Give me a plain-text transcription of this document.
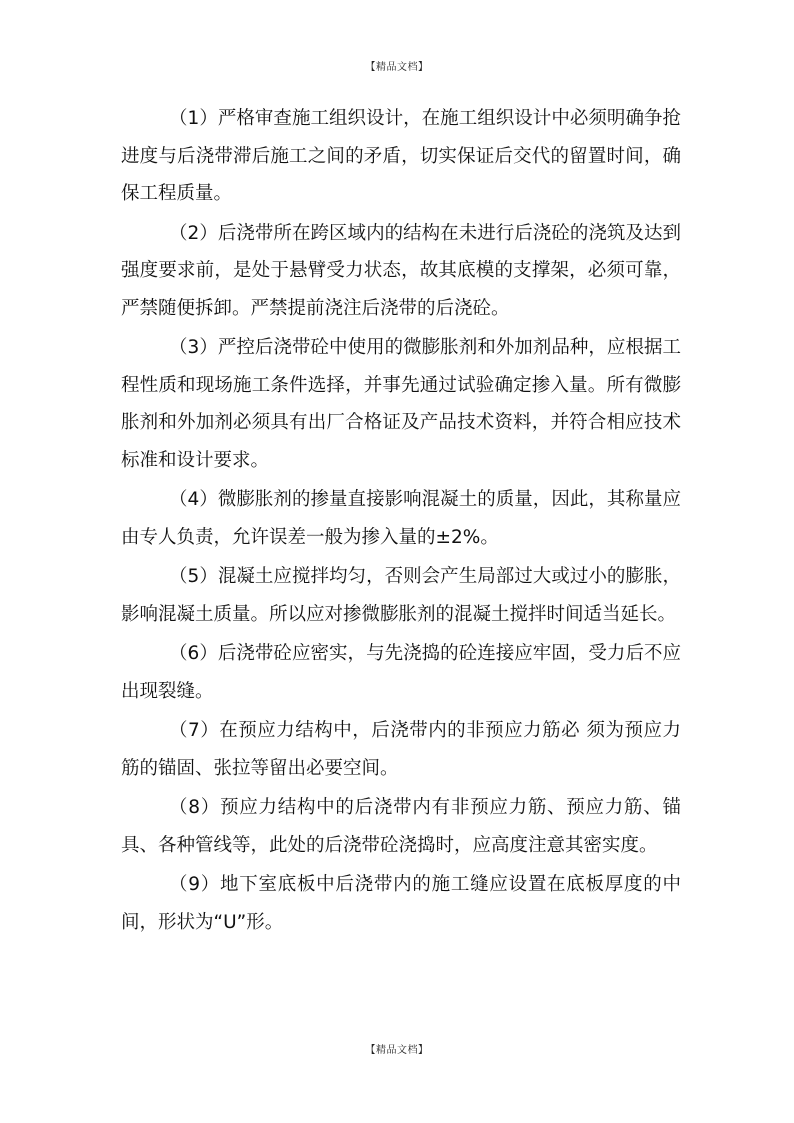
【精品文档】

（1）严格审查施工组织设计，在施工组织设计中必须明确争抢进度与后浇带滞后施工之间的矛盾，切实保证后交代的留置时间，确保工程质量。

（2）后浇带所在跨区域内的结构在未进行后浇砼的浇筑及达到强度要求前，是处于悬臂受力状态，故其底模的支撑架，必须可靠，严禁随便拆卸。严禁提前浇注后浇带的后浇砼。

（3）严控后浇带砼中使用的微膨胀剂和外加剂品种，应根据工程性质和现场施工条件选择，并事先通过试验确定掺入量。所有微膨胀剂和外加剂必须具有出厂合格证及产品技术资料，并符合相应技术标准和设计要求。

（4）微膨胀剂的掺量直接影响混凝土的质量，因此，其称量应由专人负责，允许误差一般为掺入量的±2%。

（5）混凝土应搅拌均匀，否则会产生局部过大或过小的膨胀，影响混凝土质量。所以应对掺微膨胀剂的混凝土搅拌时间适当延长。

（6）后浇带砼应密实，与先浇捣的砼连接应牢固，受力后不应出现裂缝。

（7）在预应力结构中，后浇带内的非预应力筋必 须为预应力筋的锚固、张拉等留出必要空间。

（8）预应力结构中的后浇带内有非预应力筋、预应力筋、锚具、各种管线等，此处的后浇带砼浇捣时，应高度注意其密实度。

（9）地下室底板中后浇带内的施工缝应设置在底板厚度的中间，形状为“U”形。

【精品文档】
